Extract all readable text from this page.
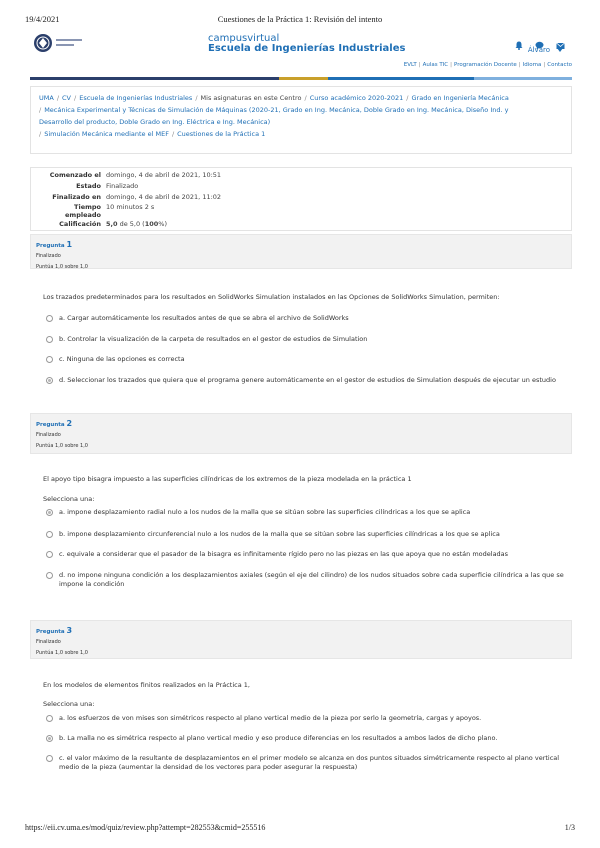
19/4/2021	Cuestiones de la Práctica 1: Revisión del intento
campusvirtual
Escuela de Ingenierías Industriales
	Álvaro
EVLT | Aulas TIC | Programación Docente | Idioma | Contacto
UMA / CV / Escuela de Ingenierías Industriales / Mis asignaturas en este Centro / Curso académico 2020-2021 / Grado en Ingeniería Mecánica
/ Mecánica Experimental y Técnicas de Simulación de Máquinas (2020-21, Grado en Ing. Mecánica, Doble Grado en Ing. Mecánica, Diseño Ind. y
Desarrollo del producto, Doble Grado en Ing. Eléctrica e Ing. Mecánica)
/ Simulación Mecánica mediante el MEF / Cuestiones de la Práctica 1
Comenzado el domingo, 4 de abril de 2021, 10:51
Estado Finalizado
Finalizado en domingo, 4 de abril de 2021, 11:02
Tiempo
empleado
10 minutos 2 s
Calificación 5,0 de 5,0 (100%)
Pregunta 1
Finalizado
Puntúa 1,0 sobre 1,0
Los trazados predeterminados para los resultados en SolidWorks Simulation instalados en las Opciones de SolidWorks Simulation, permiten:
a. Cargar automáticamente los resultados antes de que se abra el archivo de SolidWorks
b. Controlar la visualización de la carpeta de resultados en el gestor de estudios de Simulation
c. Ninguna de las opciones es correcta
d. Seleccionar los trazados que quiera que el programa genere automáticamente en el gestor de estudios de Simulation después de ejecutar un estudio
Pregunta 2
Finalizado
Puntúa 1,0 sobre 1,0
El apoyo tipo bisagra impuesto a las superficies cilíndricas de los extremos de la pieza modelada en la práctica 1
Selecciona una:
a. impone desplazamiento radial nulo a los nudos de la malla que se sitúan sobre las superficies cilíndricas a los que se aplica
b. impone desplazamiento circunferencial nulo a los nudos de la malla que se sitúan sobre las superficies cilíndricas a los que se aplica
c. equivale a considerar que el pasador de la bisagra es infinitamente rígido pero no las piezas en las que apoya que no están modeladas
d. no impone ninguna condición a los desplazamientos axiales (según el eje del cilindro) de los nudos situados sobre cada superficie cilíndrica a las que se impone la condición
Pregunta 3
Finalizado
Puntúa 1,0 sobre 1,0
En los modelos de elementos finitos realizados en la Práctica 1,
Selecciona una:
a. los esfuerzos de von mises son simétricos respecto al plano vertical medio de la pieza por serlo la geometría, cargas y apoyos.
b. La malla no es simétrica respecto al plano vertical medio y eso produce diferencias en los resultados a ambos lados de dicho plano.
c. el valor máximo de la resultante de desplazamientos en el primer modelo se alcanza en dos puntos situados simétricamente respecto al plano vertical medio de la pieza (aumentar la densidad de los vectores para poder asegurar la respuesta)
https://eii.cv.uma.es/mod/quiz/review.php?attempt=282553&cmid=255516	1/3
